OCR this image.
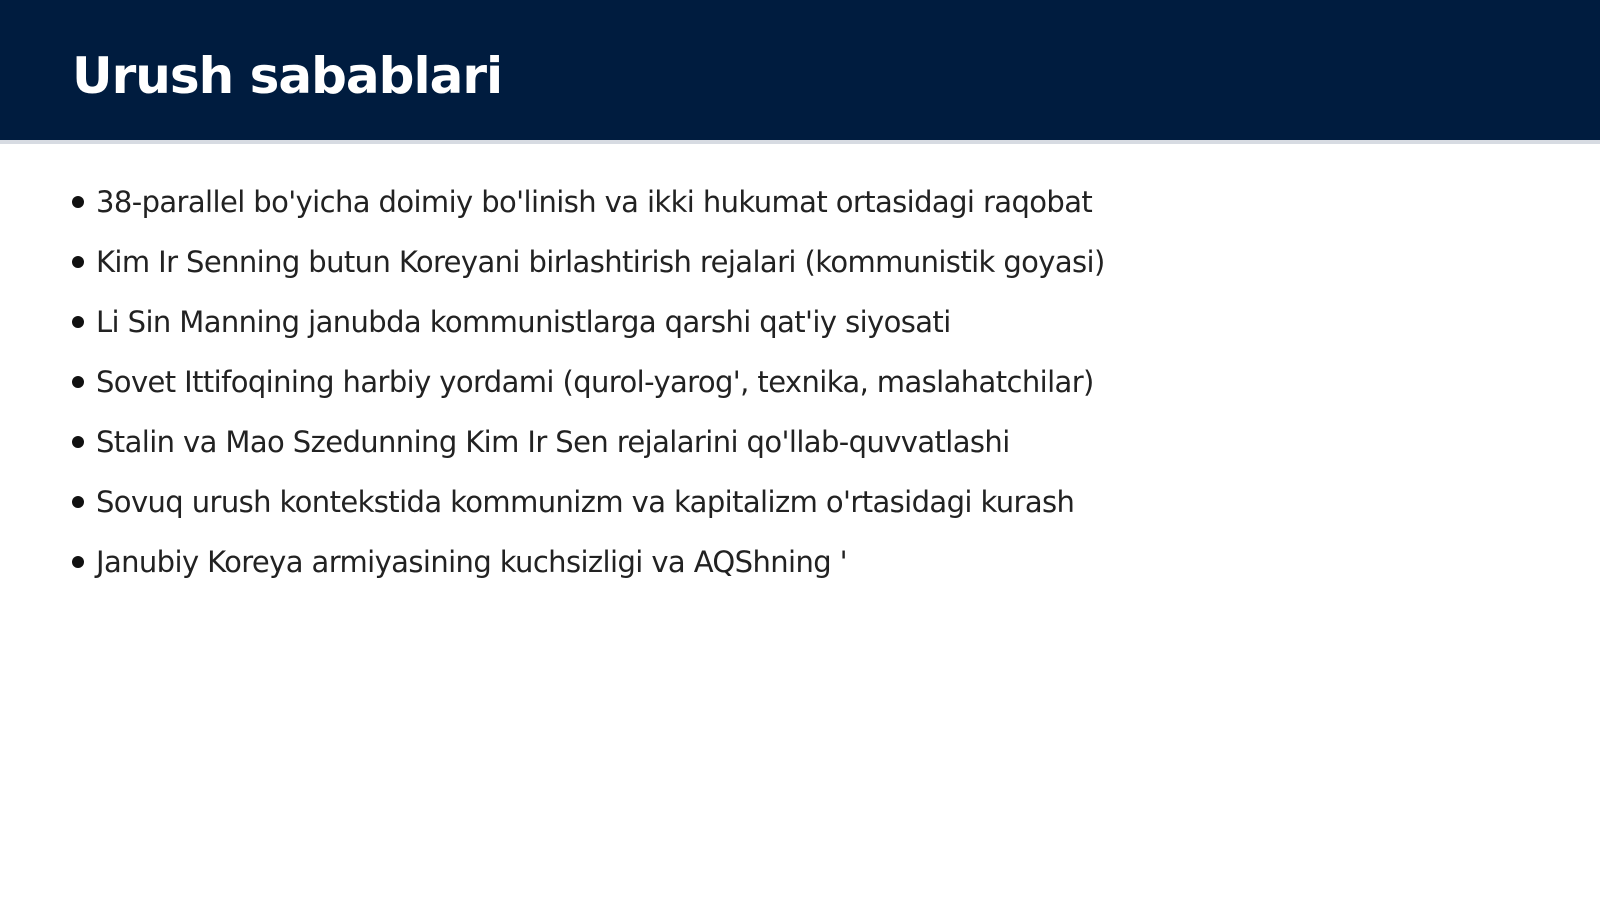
Urush sabablari
38-parallel bo'yicha doimiy bo'linish va ikki hukumat ortasidagi raqobat
Kim Ir Senning butun Koreyani birlashtirish rejalari (kommunistik goyasi)
Li Sin Manning janubda kommunistlarga qarshi qat'iy siyosati
Sovet Ittifoqining harbiy yordami (qurol-yarog', texnika, maslahatchilar)
Stalin va Mao Szedunning Kim Ir Sen rejalarini qo'llab-quvvatlashi
Sovuq urush kontekstida kommunizm va kapitalizm o'rtasidagi kurash
Janubiy Koreya armiyasining kuchsizligi va AQShning '
